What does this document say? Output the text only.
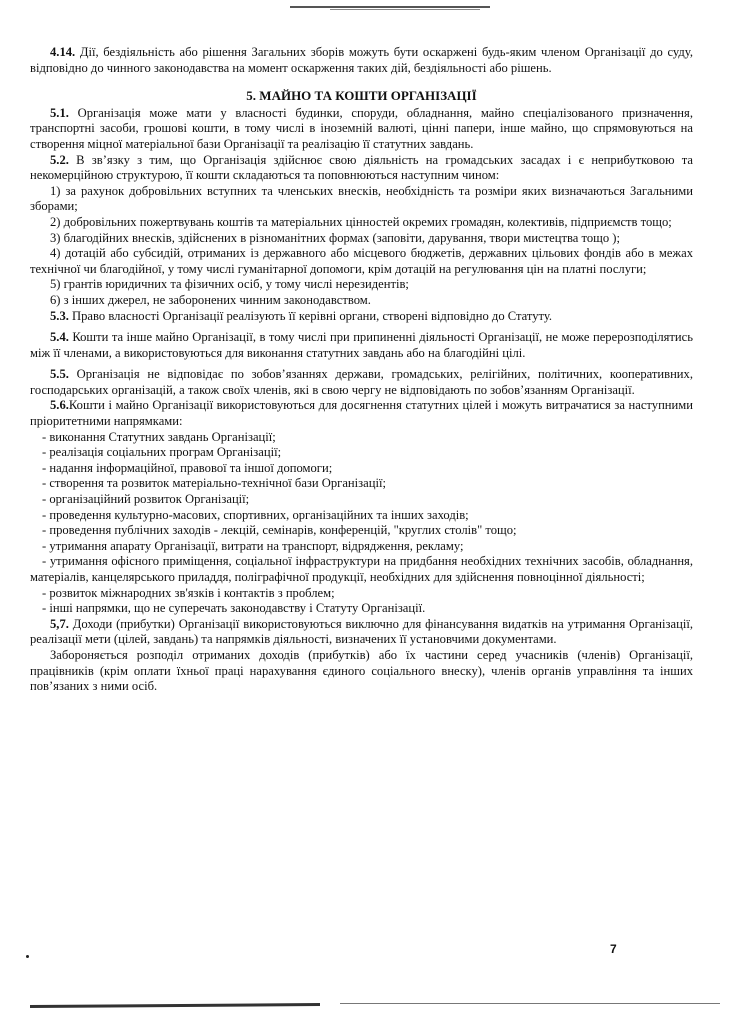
4.14. Дії, бездіяльність або рішення Загальних зборів можуть бути оскаржені будь-яким членом Організації до суду, відповідно до чинного законодавства на момент оскарження таких дій, бездіяльності або рішень.

5. МАЙНО ТА КОШТИ ОРГАНІЗАЦІЇ

5.1. Організація може мати у власності будинки, споруди, обладнання, майно спеціалізованого призначення, транспортні засоби, грошові кошти, в тому числі в іноземній валюті, цінні папери, інше майно, що спрямовуються на створення міцної матеріальної бази Організації та реалізацію її статутних завдань.

5.2. В зв’язку з тим, що Організація здійснює свою діяльність на громадських засадах і є неприбутковою та некомерційною структурою, її кошти складаються та поповнюються наступним чином:

1) за рахунок добровільних вступних та членських внесків, необхідність та розміри яких визначаються Загальними зборами;

2) добровільних пожертвувань коштів та матеріальних цінностей окремих громадян, колективів, підприємств тощо;

3) благодійних внесків, здійснених в різноманітних формах (заповіти, дарування, твори мистецтва тощо );

4) дотацій або субсидій, отриманих із державного або місцевого бюджетів, державних цільових фондів або в межах технічної чи благодійної, у тому числі гуманітарної допомоги, крім дотацій на регулювання цін на платні послуги;

5) грантів юридичних та фізичних осіб, у тому числі нерезидентів;

6) з інших джерел, не заборонених чинним законодавством.

5.3. Право власності Організації реалізують її керівні органи, створені відповідно до Статуту.

5.4. Кошти та інше майно Організації, в тому числі при припиненні діяльності Організації, не може перерозподілятись між її членами, а використовуються для виконання статутних завдань або на благодійні цілі.

5.5. Організація не відповідає по зобов’язаннях держави, громадських, релігійних, політичних, кооперативних, господарських організацій, а також своїх членів, які в свою чергу не відповідають по зобов’язанням Організації.

5.6.Кошти і майно Організації використовуються для досягнення статутних цілей і можуть витрачатися за наступними пріоритетними напрямками:

- виконання Статутних завдань Організації;

- реалізація соціальних програм Організації;

- надання інформаційної, правової та іншої допомоги;

- створення та розвиток матеріально-технічної бази Організації;

- організаційний розвиток Організації;

- проведення культурно-масових, спортивних, організаційних та інших заходів;

- проведення публічних заходів - лекцій, семінарів, конференцій, "круглих столів" тощо;

- утримання апарату Організації, витрати на транспорт, відрядження, рекламу;

- утримання офісного приміщення, соціальної інфраструктури на придбання необхідних технічних засобів, обладнання, матеріалів, канцелярського приладдя, поліграфічної продукції, необхідних для здійснення повноцінної діяльності;

- розвиток міжнародних зв'язків і контактів з проблем;

- інші напрямки, що не суперечать законодавству і Статуту Організації.

5,7. Доходи (прибутки) Організації використовуються виключно для фінансування видатків на утримання Організації, реалізації мети (цілей, завдань) та напрямків діяльності, визначених її установчими документами.

Забороняється розподіл отриманих доходів (прибутків) або їх частини серед учасників (членів) Організації, працівників (крім оплати їхньої праці нарахування єдиного соціального внеску), членів органів управління та інших пов’язаних з ними осіб.

7
